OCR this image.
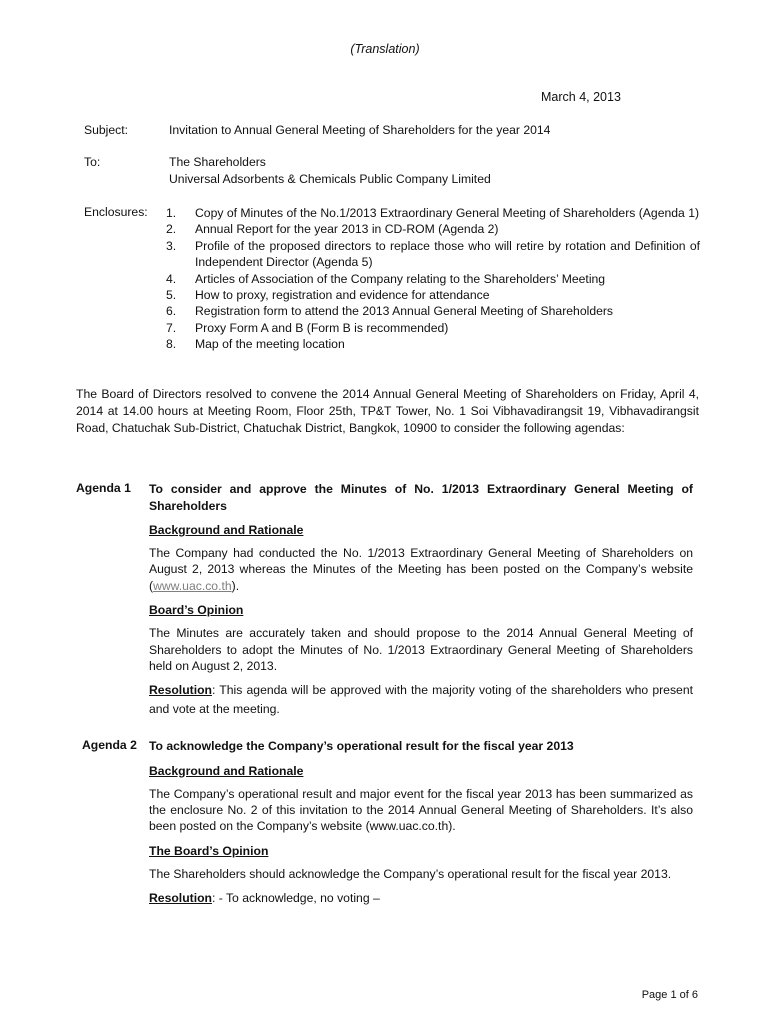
(Translation)
March 4, 2013
Subject:	Invitation to Annual General Meeting of Shareholders for the year 2014
To:	The Shareholders
Universal Adsorbents & Chemicals Public Company Limited
Enclosures: 1.	Copy of Minutes of the No.1/2013 Extraordinary General Meeting of Shareholders (Agenda 1)
2.	Annual Report for the year 2013 in CD-ROM (Agenda 2)
3.	Profile of the proposed directors to replace those who will retire by rotation and Definition of Independent Director (Agenda 5)
4.	Articles of Association of the Company relating to the Shareholders’ Meeting
5.	How to proxy, registration and evidence for attendance
6.	Registration form to attend the 2013 Annual General Meeting of Shareholders
7.	Proxy Form A and B (Form B is recommended)
8.	Map of the meeting location
The Board of Directors resolved to convene the 2014 Annual General Meeting of Shareholders on Friday, April 4, 2014 at 14.00 hours at Meeting Room, Floor 25th, TP&T Tower, No. 1 Soi Vibhavadirangsit 19, Vibhavadirangsit Road, Chatuchak Sub-District, Chatuchak District, Bangkok, 10900 to consider the following agendas:
Agenda 1 To consider and approve the Minutes of No. 1/2013 Extraordinary General Meeting of Shareholders
Background and Rationale
The Company had conducted the No. 1/2013 Extraordinary General Meeting of Shareholders on August 2, 2013 whereas the Minutes of the Meeting has been posted on the Company’s website (www.uac.co.th).
Board’s Opinion
The Minutes are accurately taken and should propose to the 2014 Annual General Meeting of Shareholders to adopt the Minutes of No. 1/2013 Extraordinary General Meeting of Shareholders held on August 2, 2013.
Resolution: This agenda will be approved with the majority voting of the shareholders who present and vote at the meeting.
Agenda 2 To acknowledge the Company’s operational result for the fiscal year 2013
Background and Rationale
The Company’s operational result and major event for the fiscal year 2013 has been summarized as the enclosure No. 2 of this invitation to the 2014 Annual General Meeting of Shareholders. It’s also been posted on the Company’s website (www.uac.co.th).
The Board’s Opinion
The Shareholders should acknowledge the Company’s operational result for the fiscal year 2013.
Resolution: - To acknowledge, no voting –
Page 1 of 6
